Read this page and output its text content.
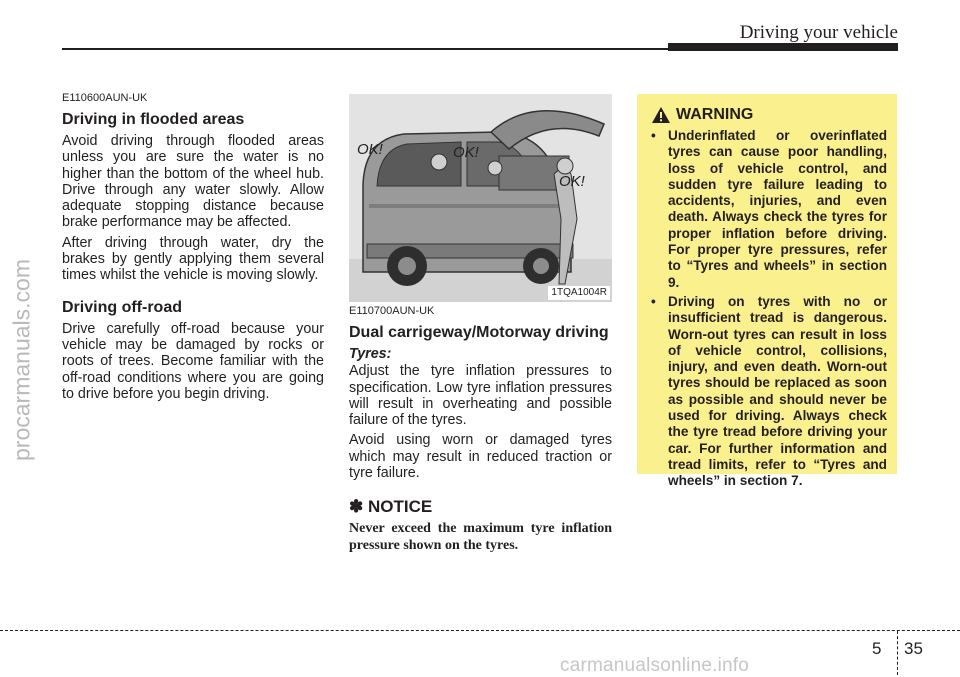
Driving your vehicle
procarmanuals.com

E110600AUN-UK

Driving in flooded areas

Avoid driving through flooded areas unless you are sure the water is no higher than the bottom of the wheel hub. Drive through any water slowly. Allow adequate stopping distance because brake performance may be affected.

After driving through water, dry the brakes by gently applying them several times whilst the vehicle is moving slowly.

Driving off-road

Drive carefully off-road because your vehicle may be damaged by rocks or roots of trees. Become familiar with the off-road conditions where you are going to drive before you begin driving.

OK!	OK!
OK!
1TQA1004R

E110700AUN-UK

Dual carrigeway/Motorway driving

Tyres:

Adjust the tyre inflation pressures to specification. Low tyre inflation pressures will result in overheating and possible failure of the tyres.

Avoid using worn or damaged tyres which may result in reduced traction or tyre failure.

✽ NOTICE

Never exceed the maximum tyre inflation pressure shown on the tyres.

WARNING
• Underinflated or overinflated tyres can cause poor handling, loss of vehicle control, and sudden tyre failure leading to accidents, injuries, and even death. Always check the tyres for proper inflation before driving. For proper tyre pressures, refer to “Tyres and wheels” in section 9.
• Driving on tyres with no or insufficient tread is dangerous. Worn-out tyres can result in loss of vehicle control, collisions, injury, and even death. Worn-out tyres should be replaced as soon as possible and should never be used for driving. Always check the tyre tread before driving your car. For further information and tread limits, refer to “Tyres and wheels” in section 7.
5 35
carmanualsonline.info
